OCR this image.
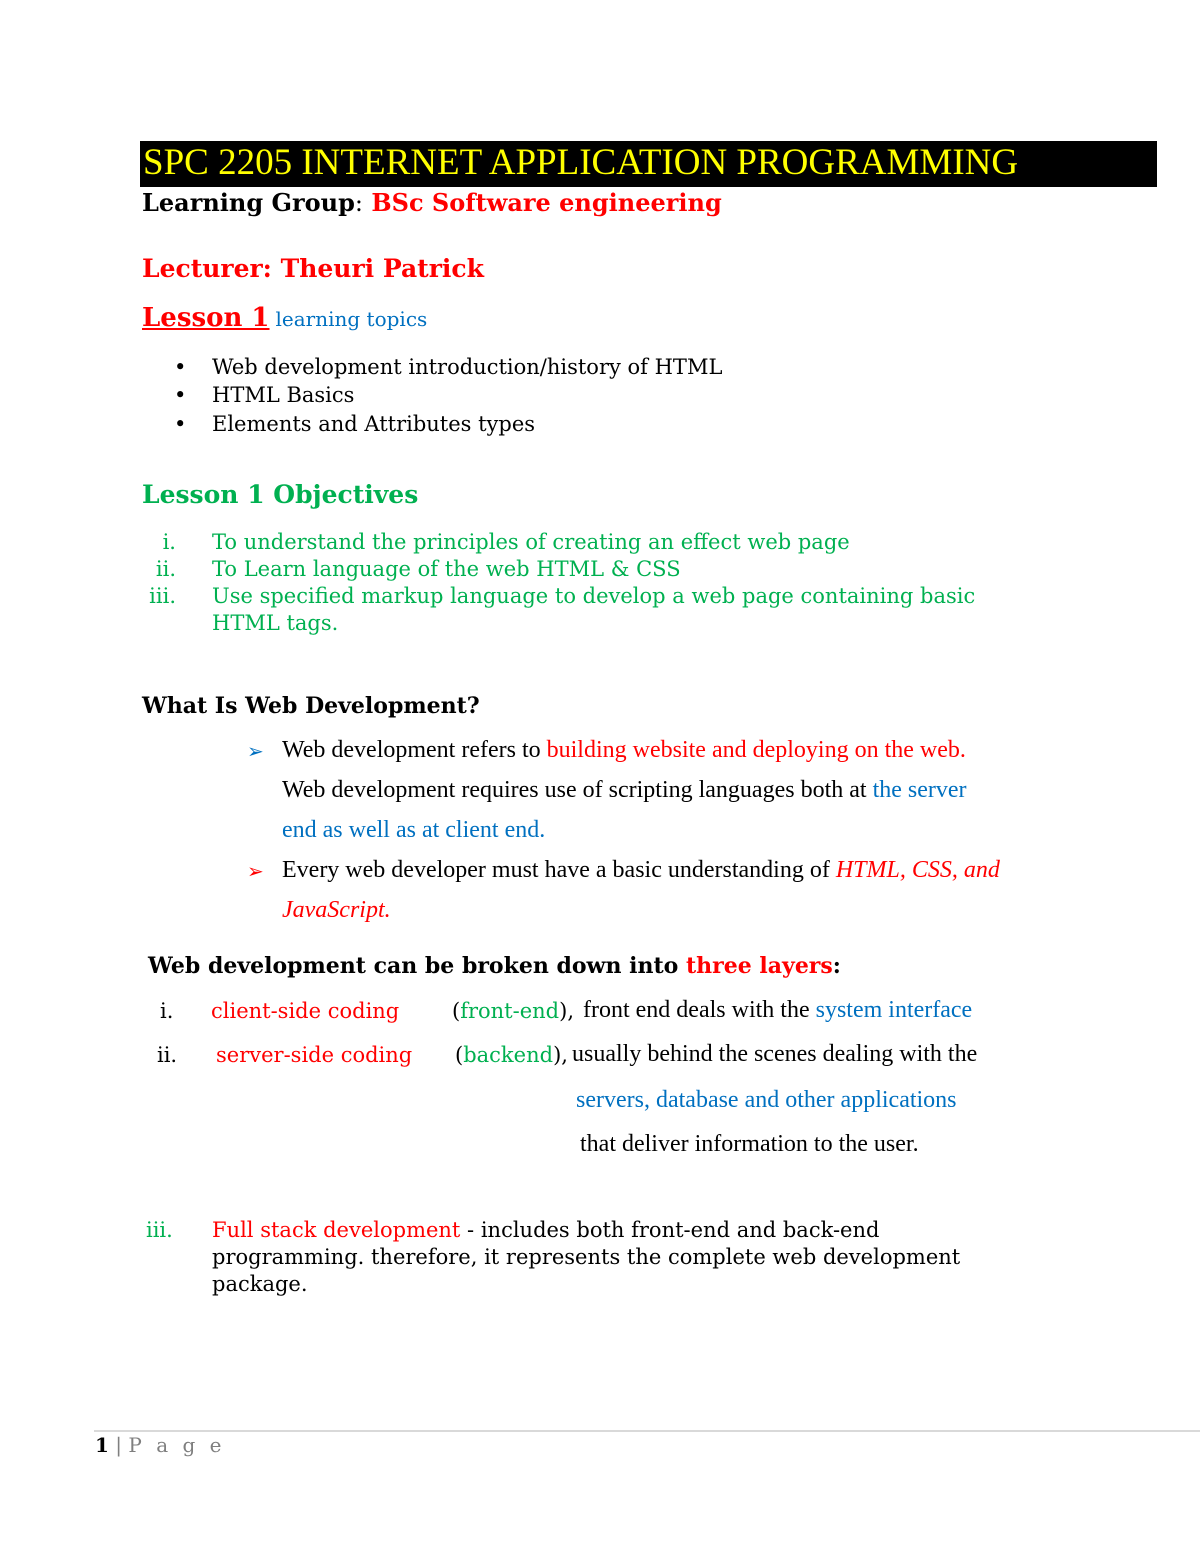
SPC 2205 INTERNET APPLICATION PROGRAMMING
Learning Group: BSc Software engineering
Lecturer: Theuri Patrick
Lesson 1 learning topics
• Web development introduction/history of HTML
• HTML Basics
• Elements and Attributes types
Lesson 1 Objectives
i. To understand the principles of creating an effect web page
ii. To Learn language of the web HTML & CSS
iii. Use specified markup language to develop a web page containing basic
HTML tags.
What Is Web Development?
➢ Web development refers to building website and deploying on the web.
Web development requires use of scripting languages both at the server
end as well as at client end.
➢ Every web developer must have a basic understanding of HTML, CSS, and
JavaScript.
Web development can be broken down into three layers:
i. client-side coding	(front-end), front end deals with the system interface
ii. server-side coding (backend), usually behind the scenes dealing with the
servers, database and other applications
that deliver information to the user.
iii. Full stack development - includes both front-end and back-end
programming. therefore, it represents the complete web development
package.
1 | P a g e
